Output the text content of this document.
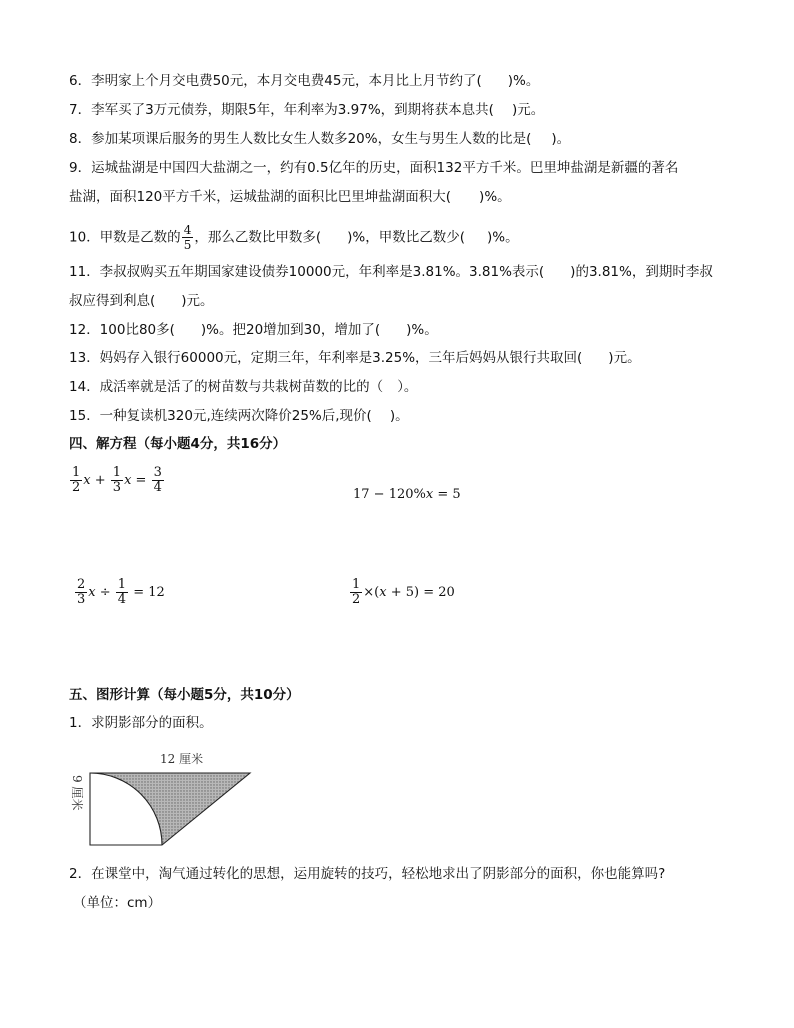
6．李明家上个月交电费50元，本月交电费45元，本月比上月节约了( )%。
7．李军买了3万元债券，期限5年，年利率为3.97%，到期将获本息共( )元。
8．参加某项课后服务的男生人数比女生人数多20%，女生与男生人数的比是( )。
9．运城盐湖是中国四大盐湖之一，约有0.5亿年的历史，面积132平方千米。巴里坤盐湖是新疆的著名
盐湖，面积120平方千米，运城盐湖的面积比巴里坤盐湖面积大( )%。
10．甲数是乙数的 $\frac{4}{5}$ ，那么乙数比甲数多( )%，甲数比乙数少( )%。
11．李叔叔购买五年期国家建设债券10000元，年利率是3.81%。3.81%表示( )的3.81%，到期时李叔
叔应得到利息( )元。
12．100比80多( )%。把20增加到30，增加了( )%。
13．妈妈存入银行60000元，定期三年，年利率是3.25%，三年后妈妈从银行共取回( )元。
14．成活率就是活了的树苗数与共栽树苗数的比的（ ）。
15．一种复读机320元,连续两次降价25%后,现价( )。
四、解方程（每小题4分，共16分）
$\frac{1}{2}$ $x + \frac{1}{3}$ $x = \frac{3}{4}$	17 − 120%x = 5
$\frac{2}{3}$ $x \div \frac{1}{4} = 12$	$\frac{1}{2} \times(x + 5) = 20$
五、图形计算（每小题5分，共10分）
1．求阴影部分的面积。
12 厘米
9 厘米
2．在课堂中，淘气通过转化的思想，运用旋转的技巧，轻松地求出了阴影部分的面积，你也能算吗?
（单位：cm）
